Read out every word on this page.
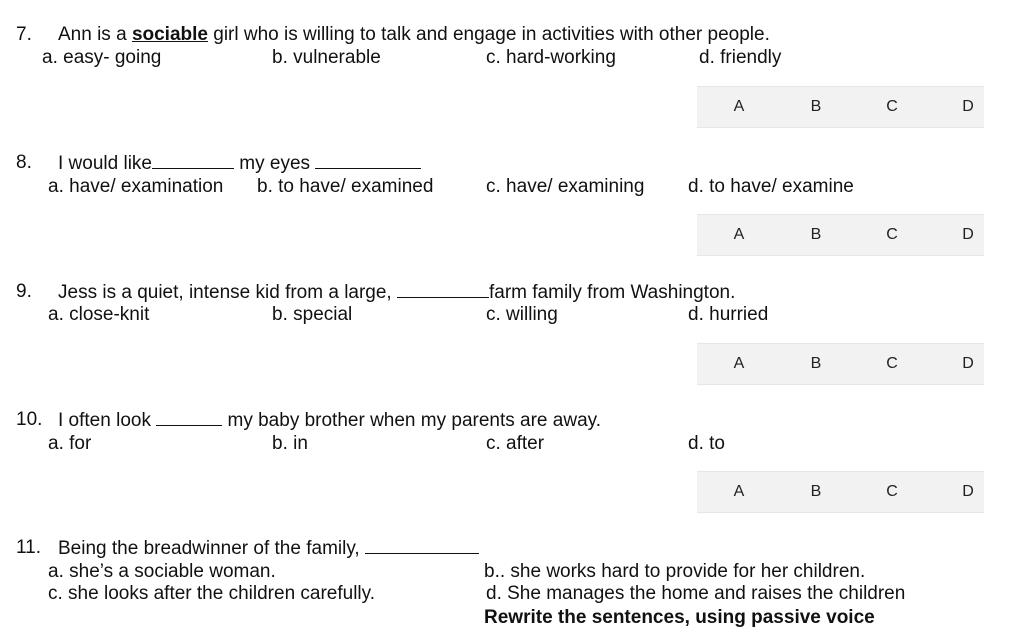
7. Ann is a sociable girl who is willing to talk and engage in activities with other people.
a. easy- going	b. vulnerable	c. hard-working	d. friendly
A	B	C	D
8. I would like	my eyes
a. have/ examination b. to have/ examined	c. have/ examining d. to have/ examine
A	B	C	D
9. Jess is a quiet, intense kid from a large,	farm family from Washington.
a. close-knit	b. special	c. willing	d. hurried
A	B	C	D
10. I often look	my baby brother when my parents are away.
a. for	b. in	c. after	d. to
A	B	C	D
11. Being the breadwinner of the family,
a. she’s a sociable woman.	b.. she works hard to provide for her children.
c. she looks after the children carefully.	d. She manages the home and raises the children
Rewrite the sentences, using passive voice
